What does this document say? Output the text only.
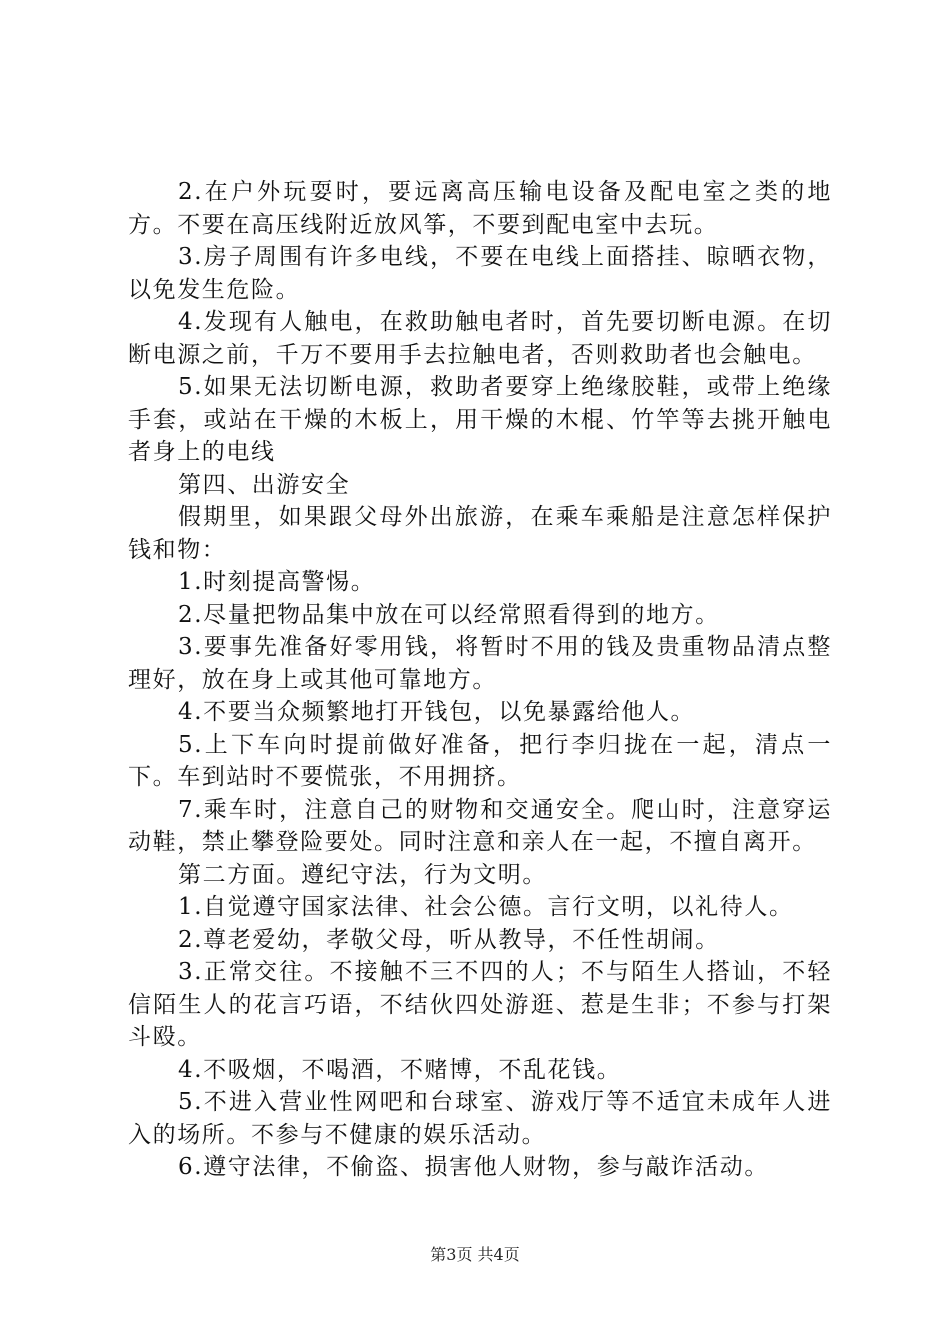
2.在户外玩耍时，要远离高压输电设备及配电室之类的地方。不要在高压线附近放风筝，不要到配电室中去玩。

3.房子周围有许多电线，不要在电线上面搭挂、晾晒衣物，以免发生危险。

4.发现有人触电，在救助触电者时，首先要切断电源。在切断电源之前，千万不要用手去拉触电者，否则救助者也会触电。

5.如果无法切断电源，救助者要穿上绝缘胶鞋，或带上绝缘手套，或站在干燥的木板上，用干燥的木棍、竹竿等去挑开触电者身上的电线

第四、出游安全

假期里，如果跟父母外出旅游，在乘车乘船是注意怎样保护钱和物：

1.时刻提高警惕。

2.尽量把物品集中放在可以经常照看得到的地方。

3.要事先准备好零用钱，将暂时不用的钱及贵重物品清点整理好，放在身上或其他可靠地方。

4.不要当众频繁地打开钱包，以免暴露给他人。

5.上下车向时提前做好准备，把行李归拢在一起，清点一下。车到站时不要慌张，不用拥挤。

7.乘车时，注意自己的财物和交通安全。爬山时，注意穿运动鞋，禁止攀登险要处。同时注意和亲人在一起，不擅自离开。

第二方面。遵纪守法，行为文明。

1.自觉遵守国家法律、社会公德。言行文明，以礼待人。

2.尊老爱幼，孝敬父母，听从教导，不任性胡闹。

3.正常交往。不接触不三不四的人；不与陌生人搭讪，不轻信陌生人的花言巧语，不结伙四处游逛、惹是生非；不参与打架斗殴。

4.不吸烟，不喝酒，不赌博，不乱花钱。

5.不进入营业性网吧和台球室、游戏厅等不适宜未成年人进入的场所。不参与不健康的娱乐活动。

6.遵守法律，不偷盗、损害他人财物，参与敲诈活动。

第3页 共4页
